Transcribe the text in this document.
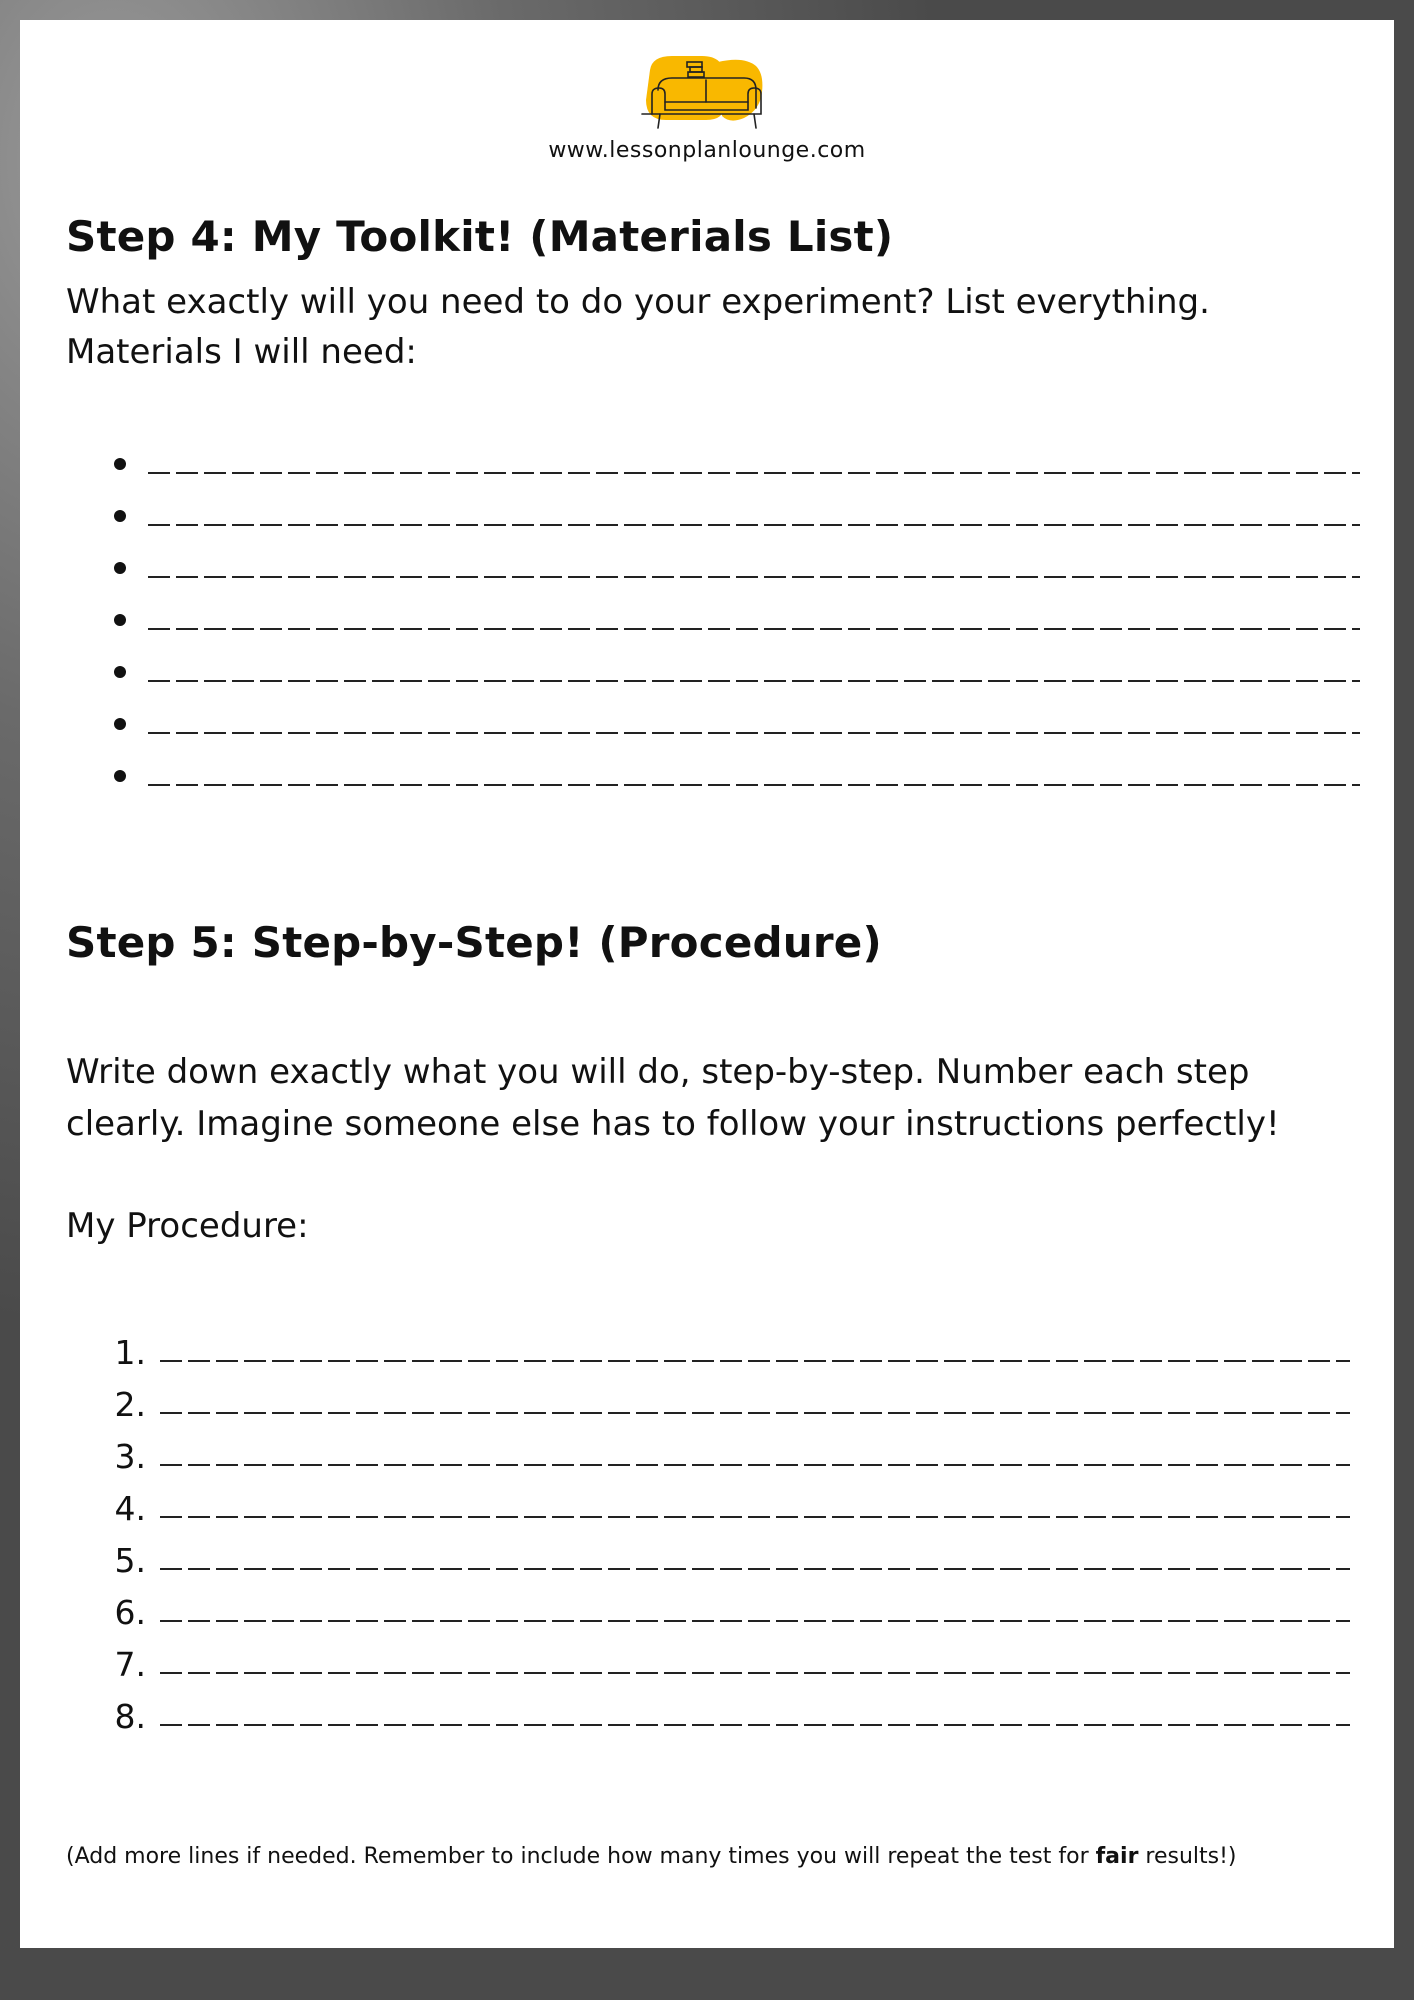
www.lessonplanlounge.com
Step 4: My Toolkit! (Materials List)

What exactly will you need to do your experiment? List everything.

Materials I will need:

Step 5: Step-by-Step! (Procedure)

Write down exactly what you will do, step-by-step. Number each step clearly. Imagine someone else has to follow your instructions perfectly!

My Procedure:

1.
2.
3.
4.
5.
6.
7.
8.

(Add more lines if needed. Remember to include how many times you will repeat the test for fair results!)
